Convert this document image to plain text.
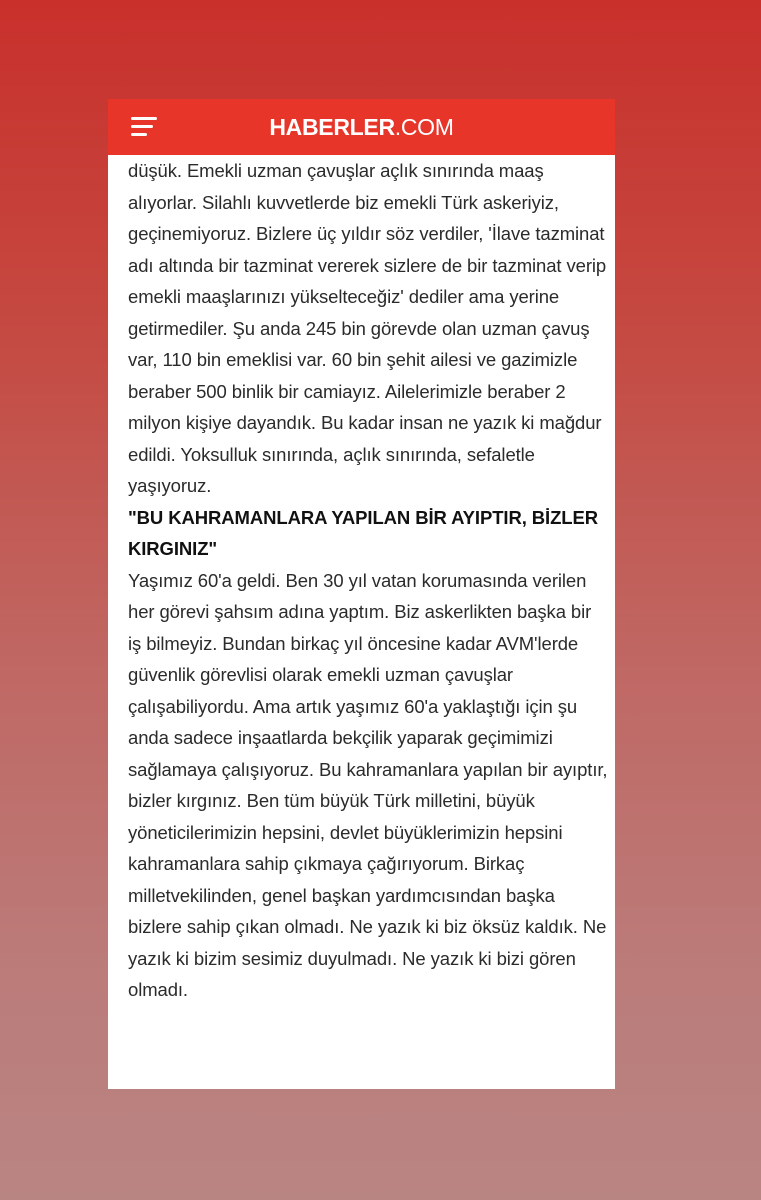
HABERLER.COM

düşük. Emekli uzman çavuşlar açlık sınırında maaş alıyorlar. Silahlı kuvvetlerde biz emekli Türk askeriyiz, geçinemiyoruz. Bizlere üç yıldır söz verdiler, 'İlave tazminat adı altında bir tazminat vererek sizlere de bir tazminat verip emekli maaşlarınızı yükselteceğiz' dediler ama yerine getirmediler. Şu anda 245 bin görevde olan uzman çavuş var, 110 bin emeklisi var. 60 bin şehit ailesi ve gazimizle beraber 500 binlik bir camiayız. Ailelerimizle beraber 2 milyon kişiye dayandık. Bu kadar insan ne yazık ki mağdur edildi. Yoksulluk sınırında, açlık sınırında, sefaletle yaşıyoruz.

"BU KAHRAMANLARA YAPILAN BİR AYIPTIR, BİZLER KIRGINIZ"

Yaşımız 60'a geldi. Ben 30 yıl vatan korumasında verilen her görevi şahsım adına yaptım. Biz askerlikten başka bir iş bilmeyiz. Bundan birkaç yıl öncesine kadar AVM'lerde güvenlik görevlisi olarak emekli uzman çavuşlar çalışabiliyordu. Ama artık yaşımız 60'a yaklaştığı için şu anda sadece inşaatlarda bekçilik yaparak geçimimizi sağlamaya çalışıyoruz. Bu kahramanlara yapılan bir ayıptır, bizler kırgınız. Ben tüm büyük Türk milletini, büyük yöneticilerimizin hepsini, devlet büyüklerimizin hepsini kahramanlara sahip çıkmaya çağırıyorum. Birkaç milletvekilinden, genel başkan yardımcısından başka bizlere sahip çıkan olmadı. Ne yazık ki biz öksüz kaldık. Ne yazık ki bizim sesimiz duyulmadı. Ne yazık ki bizi gören olmadı.
